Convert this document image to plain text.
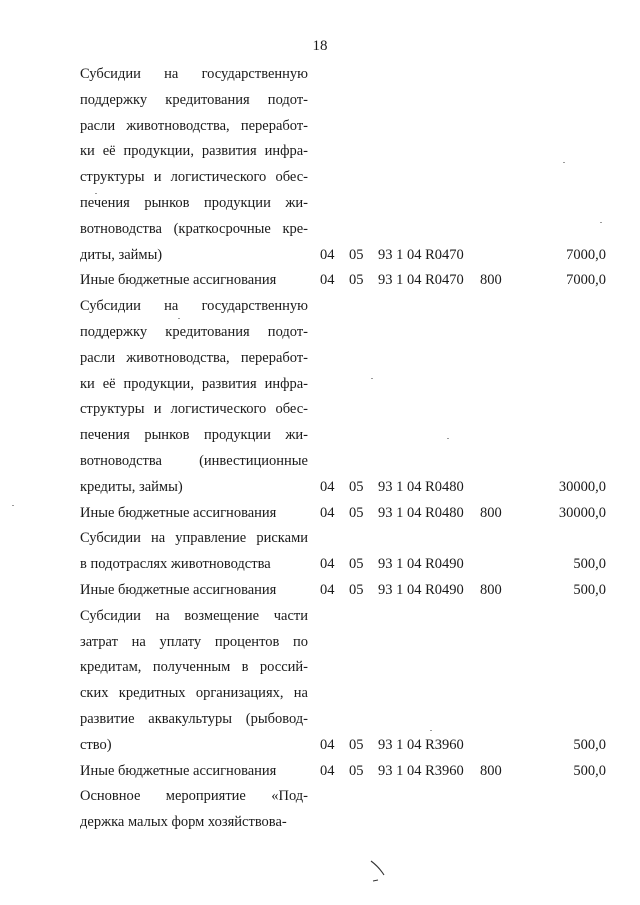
18
Субсидии на государственную
поддержку кредитования подот-
расли животноводства, переработ-
ки её продукции, развития инфра-
структуры и логистического обес-
печения рынков продукции жи-
вотноводства (краткосрочные кре-
диты, займы)	04 05 93 1 04 R0470	7000,0
Иные бюджетные ассигнования	04 05 93 1 04 R0470 800	7000,0
Субсидии на государственную
поддержку кредитования подот-
расли животноводства, переработ-
ки её продукции, развития инфра-
структуры и логистического обес-
печения рынков продукции жи-
вотноводства (инвестиционные
кредиты, займы)	04 05 93 1 04 R0480	30000,0
Иные бюджетные ассигнования	04 05 93 1 04 R0480 800	30000,0
Субсидии на управление рисками
в подотраслях животноводства	04 05 93 1 04 R0490	500,0
Иные бюджетные ассигнования	04 05 93 1 04 R0490 800	500,0
Субсидии на возмещение части
затрат на уплату процентов по
кредитам, полученным в россий-
ских кредитных организациях, на
развитие аквакультуры (рыбовод-
ство)	04 05 93 1 04 R3960	500,0
Иные бюджетные ассигнования	04 05 93 1 04 R3960 800	500,0
Основное мероприятие «Под-
держка малых форм хозяйствова-
